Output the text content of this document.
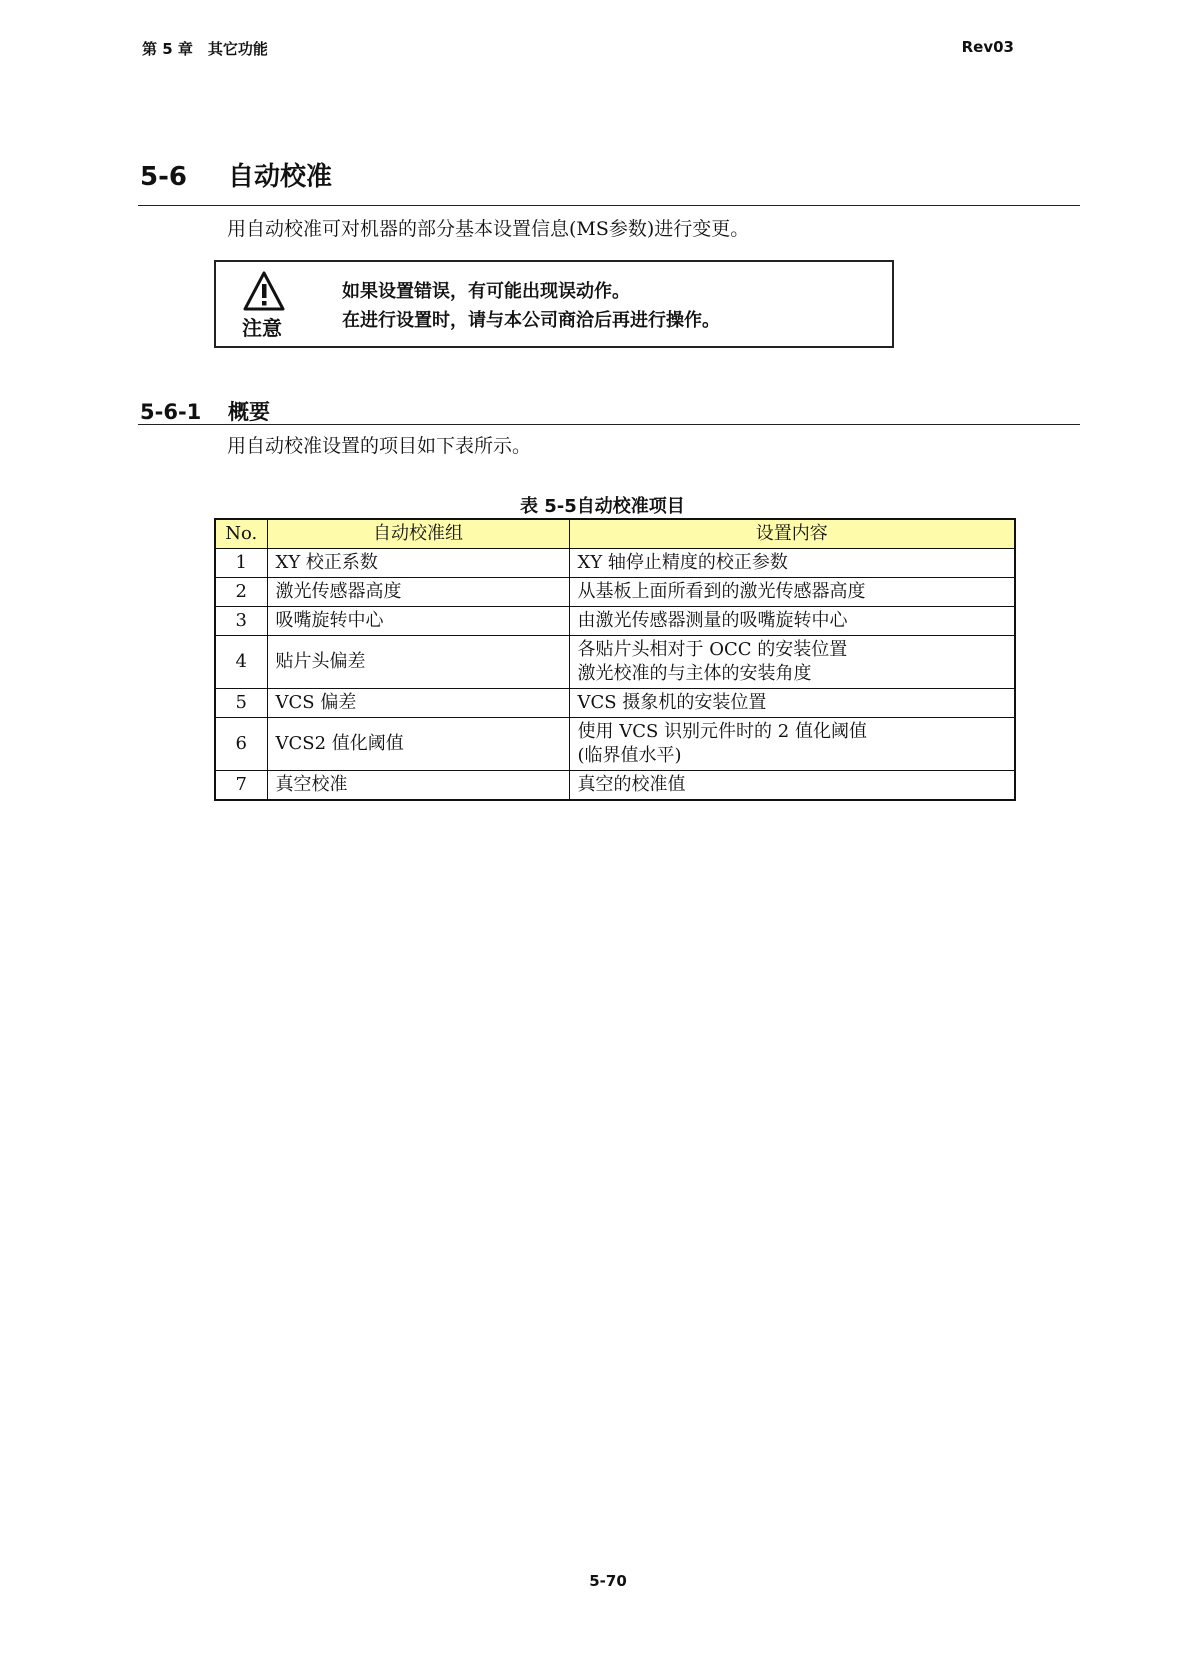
第 5 章　其它功能	Rev03
5-6 自动校准
用自动校准可对机器的部分基本设置信息(MS参数)进行变更。
注意
如果设置错误，有可能出现误动作。
在进行设置时，请与本公司商洽后再进行操作。
5-6-1 概要
用自动校准设置的项目如下表所示。
表 5-5自动校准项目
No.	自动校准组	设置内容
1	XY 校正系数	XY 轴停止精度的校正参数

2	激光传感器高度	从基板上面所看到的激光传感器高度

3	吸嘴旋转中心	由激光传感器测量的吸嘴旋转中心

4	贴片头偏差	各贴片头相对于 OCC 的安装位置
激光校准的与主体的安装角度

5	VCS 偏差	VCS 摄象机的安装位置

6	VCS2 值化阈值	使用 VCS 识别元件时的 2 值化阈值
(临界值水平)

7	真空校准	真空的校准值
5-70
